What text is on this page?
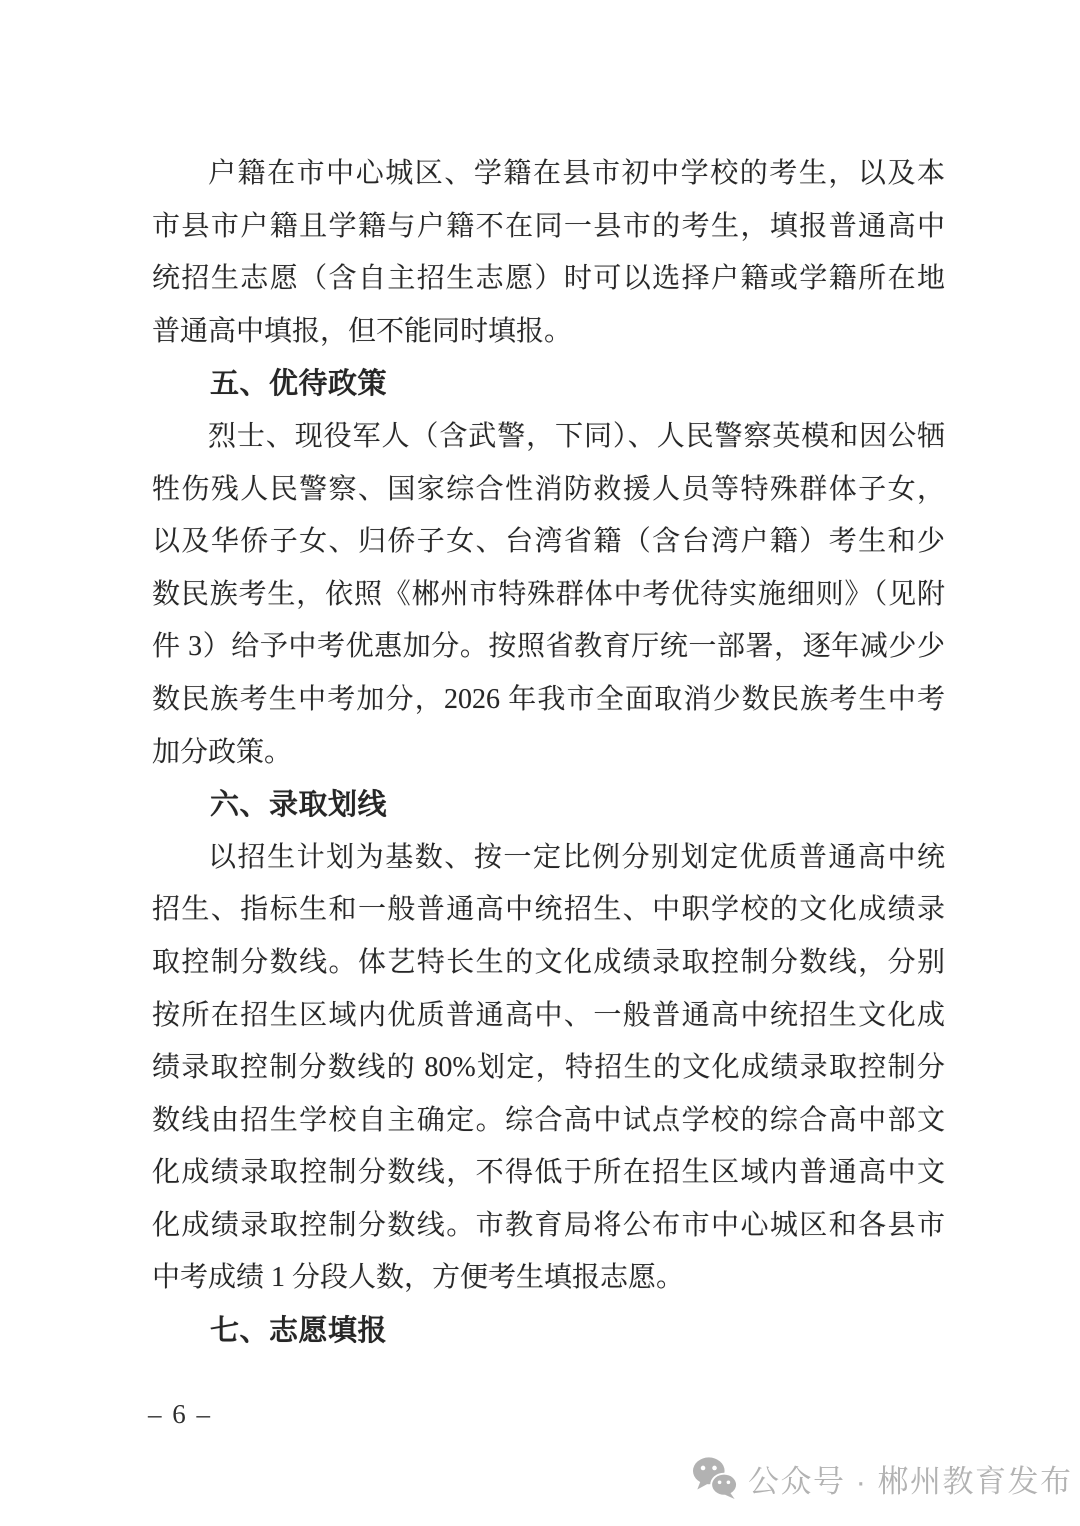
户籍在市中心城区、学籍在县市初中学校的考生，以及本
市县市户籍且学籍与户籍不在同一县市的考生，填报普通高中
统招生志愿（含自主招生志愿）时可以选择户籍或学籍所在地
普通高中填报，但不能同时填报。
五、优待政策
烈士、现役军人（含武警，下同）、人民警察英模和因公牺
牲伤残人民警察、国家综合性消防救援人员等特殊群体子女，
以及华侨子女、归侨子女、台湾省籍（含台湾户籍）考生和少
数民族考生，依照《郴州市特殊群体中考优待实施细则》（见附
件 3）给予中考优惠加分。按照省教育厅统一部署，逐年减少少
数民族考生中考加分，2026 年我市全面取消少数民族考生中考
加分政策。
六、录取划线
以招生计划为基数、按一定比例分别划定优质普通高中统
招生、指标生和一般普通高中统招生、中职学校的文化成绩录
取控制分数线。体艺特长生的文化成绩录取控制分数线，分别
按所在招生区域内优质普通高中、一般普通高中统招生文化成
绩录取控制分数线的 80%划定，特招生的文化成绩录取控制分
数线由招生学校自主确定。综合高中试点学校的综合高中部文
化成绩录取控制分数线，不得低于所在招生区域内普通高中文
化成绩录取控制分数线。市教育局将公布市中心城区和各县市
中考成绩 1 分段人数，方便考生填报志愿。
七、志愿填报
– 6 –
公众号 · 郴州教育发布
